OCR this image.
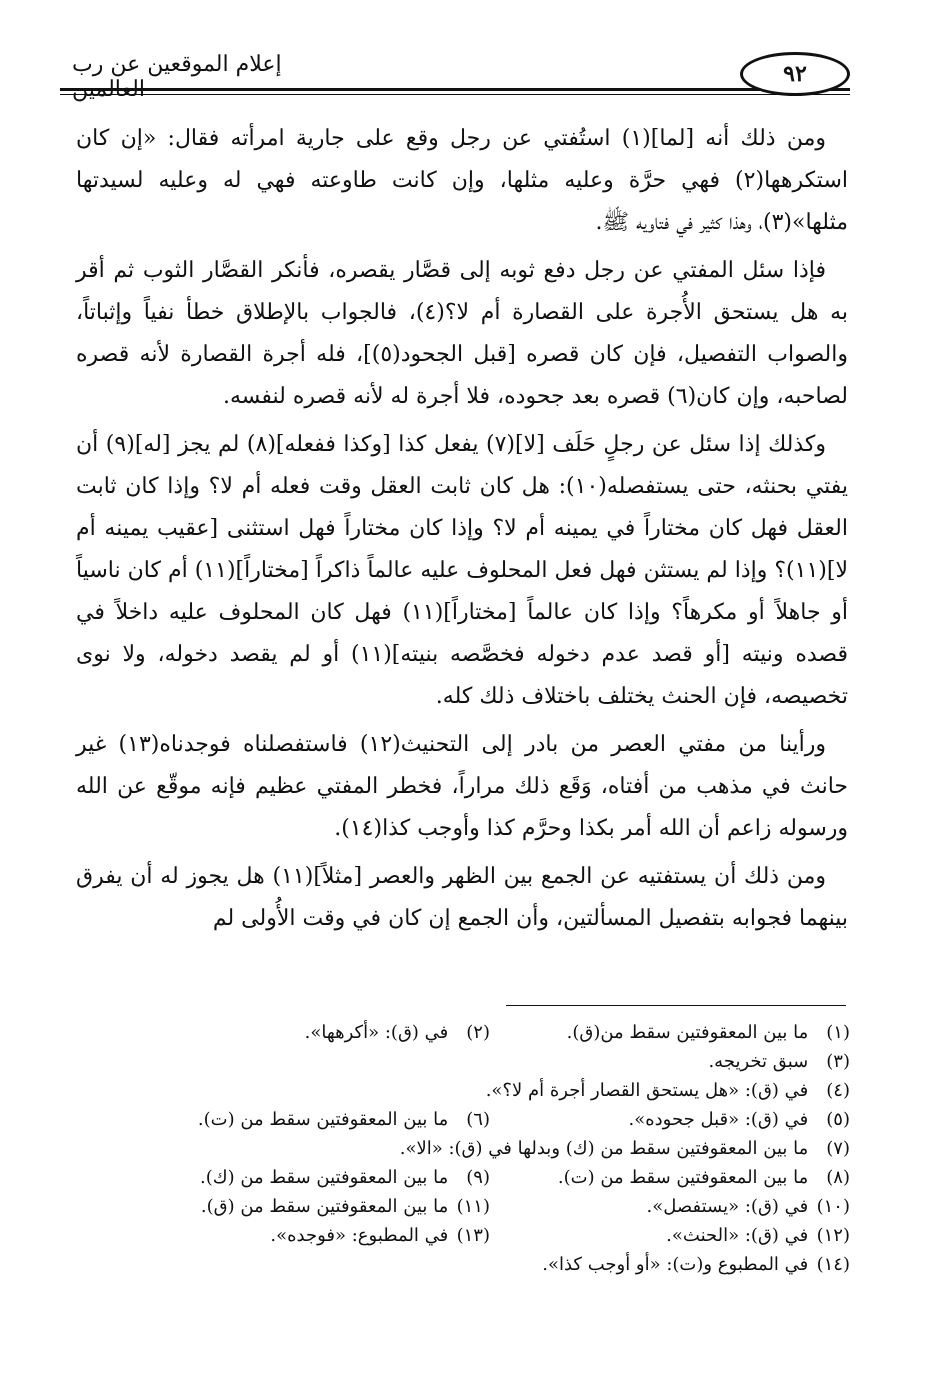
إعلام الموقعين عن رب العالمين
٩٢

ومن ذلك أنه [لما](١) استُفتي عن رجل وقع على جارية امرأته فقال: «إن كان استكرهها(٢) فهي حرَّة وعليه مثلها، وإن كانت طاوعته فهي له وعليه لسيدتها مثلها»(٣)، وهذا كثير في فتاويه ﷺ.

فإذا سئل المفتي عن رجل دفع ثوبه إلى قصَّار يقصره، فأنكر القصَّار الثوب ثم أقر به هل يستحق الأُجرة على القصارة أم لا؟(٤)، فالجواب بالإطلاق خطأ نفياً وإثباتاً، والصواب التفصيل، فإن كان قصره [قبل الجحود(٥)]، فله أجرة القصارة لأنه قصره لصاحبه، وإن كان(٦) قصره بعد جحوده، فلا أجرة له لأنه قصره لنفسه.

وكذلك إذا سئل عن رجلٍ حَلَف [لا](٧) يفعل كذا [وكذا ففعله](٨) لم يجز [له](٩) أن يفتي بحنثه، حتى يستفصله(١٠): هل كان ثابت العقل وقت فعله أم لا؟ وإذا كان ثابت العقل فهل كان مختاراً في يمينه أم لا؟ وإذا كان مختاراً فهل استثنى [عقيب يمينه أم لا](١١)؟ وإذا لم يستثن فهل فعل المحلوف عليه عالماً ذاكراً [مختاراً](١١) أم كان ناسياً أو جاهلاً أو مكرهاً؟ وإذا كان عالماً [مختاراً](١١) فهل كان المحلوف عليه داخلاً في قصده ونيته [أو قصد عدم دخوله فخصَّصه بنيته](١١) أو لم يقصد دخوله، ولا نوى تخصيصه، فإن الحنث يختلف باختلاف ذلك كله.

ورأينا من مفتي العصر من بادر إلى التحنيث(١٢) فاستفصلناه فوجدناه(١٣) غير حانث في مذهب من أفتاه، وَقَع ذلك مراراً، فخطر المفتي عظيم فإنه موقّع عن الله ورسوله زاعم أن الله أمر بكذا وحرَّم كذا وأوجب كذا(١٤).

ومن ذلك أن يستفتيه عن الجمع بين الظهر والعصر [مثلاً](١١) هل يجوز له أن يفرق بينهما فجوابه بتفصيل المسألتين، وأن الجمع إن كان في وقت الأُولى لم

(١) ما بين المعقوفتين سقط من(ق).
(٢) في (ق): «أكرهها».
(٣) سبق تخريجه.
(٤) في (ق): «هل يستحق القصار أجرة أم لا؟».
(٥) في (ق): «قبل جحوده».
(٦) ما بين المعقوفتين سقط من (ت).
(٧) ما بين المعقوفتين سقط من (ك) وبدلها في (ق): «الا».
(٨) ما بين المعقوفتين سقط من (ت).
(٩) ما بين المعقوفتين سقط من (ك).
(١٠) في (ق): «يستفصل».
(١١) ما بين المعقوفتين سقط من (ق).
(١٢) في (ق): «الحنث».
(١٣) في المطبوع: «فوجده».
(١٤) في المطبوع و(ت): «أو أوجب كذا».
